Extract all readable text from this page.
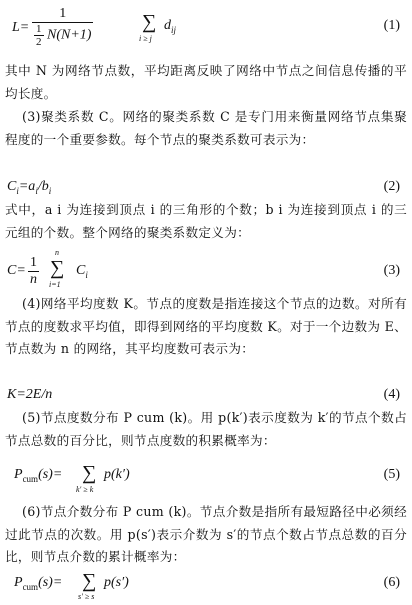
$L= \frac{1}{\frac{1}{2} N(N+1)}$ ∑
i ≥ j
$d_{ij}$	(1)
其中 N 为网络节点数，平均距离反映了网络中节点之间信息传播的平均长度。
(3)聚类系数 C。网络的聚类系数 C 是专门用来衡量网络节点集聚程度的一个重要参数。每个节点的聚类系数可表示为：
$C_i=a_i/b_i$	(2)
式中，a i 为连接到顶点 i 的三角形的个数；b i 为连接到顶点 i 的三元组的个数。整个网络的聚类系数定义为：
$C= \frac{1}{n}$
n
∑
i=1
$C_i$	(3)
(4)网络平均度数 K。节点的度数是指连接这个节点的边数。对所有节点的度数求平均值，即得到网络的平均度数 K。对于一个边数为 E、节点数为 n 的网络，其平均度数可表示为：
K=2E/n	(4)
(5)节点度数分布 P cum (k)。用 p(k′)表示度数为 k′的节点个数占节点总数的百分比，则节点度数的积累概率为：
$P_{cum}(s)=$ ∑
k′ ≥ k
p(k′)	(5)
(6)节点介数分布 P cum (k)。节点介数是指所有最短路径中必须经过此节点的次数。用 p(s′)表示介数为 s′的节点个数占节点总数的百分比，则节点介数的累计概率为：
$P_{cum}(s)=$ ∑
s′ ≥ s
p(s′)	(6)
